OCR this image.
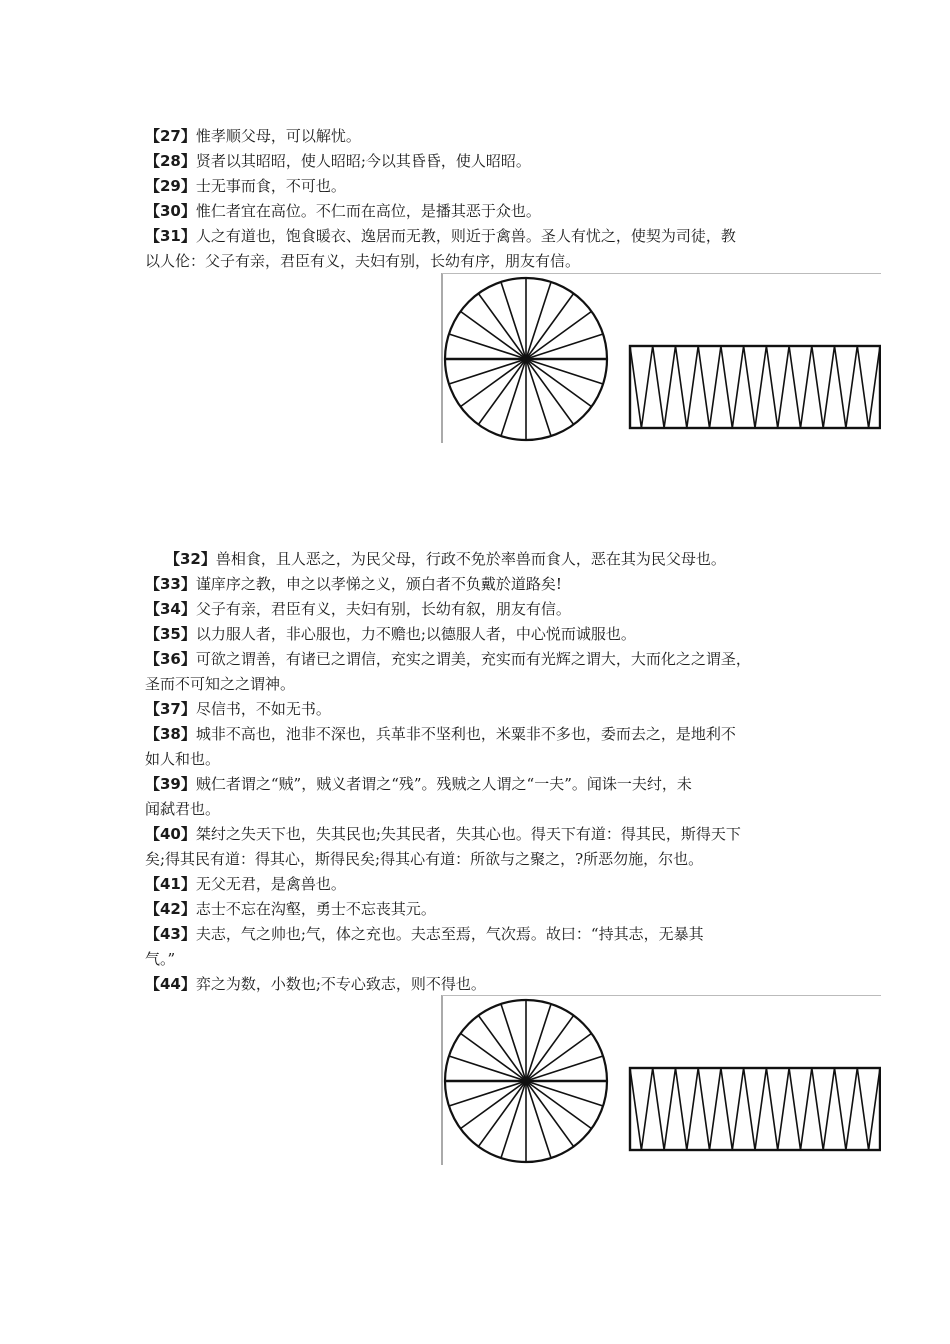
【27】惟孝顺父母，可以解忧。
【28】贤者以其昭昭，使人昭昭;今以其昏昏，使人昭昭。
【29】士无事而食，不可也。
【30】惟仁者宜在高位。不仁而在高位，是播其恶于众也。
【31】人之有道也，饱食暖衣、逸居而无教，则近于禽兽。圣人有忧之，使契为司徒，教
以人伦：父子有亲，君臣有义，夫妇有别，长幼有序，朋友有信。
【32】兽相食，且人恶之，为民父母，行政不免於率兽而食人，恶在其为民父母也。
【33】谨庠序之教，申之以孝悌之义，颁白者不负戴於道路矣!
【34】父子有亲，君臣有义，夫妇有别，长幼有叙，朋友有信。
【35】以力服人者，非心服也，力不赡也;以德服人者，中心悦而诚服也。
【36】可欲之谓善，有诸已之谓信，充实之谓美，充实而有光辉之谓大，大而化之之谓圣，
圣而不可知之之谓神。
【37】尽信书，不如无书。
【38】城非不高也，池非不深也，兵革非不坚利也，米粟非不多也，委而去之，是地利不
如人和也。
【39】贼仁者谓之“贼”，贼义者谓之“残”。残贼之人谓之“一夫”。闻诛一夫纣，未
闻弑君也。
【40】桀纣之失天下也，失其民也;失其民者，失其心也。得天下有道：得其民，斯得天下
矣;得其民有道：得其心，斯得民矣;得其心有道：所欲与之聚之，?所恶勿施，尔也。
【41】无父无君，是禽兽也。
【42】志士不忘在沟壑，勇士不忘丧其元。
【43】夫志，气之帅也;气，体之充也。夫志至焉，气次焉。故曰：“持其志，无暴其
气。”
【44】弈之为数，小数也;不专心致志，则不得也。
